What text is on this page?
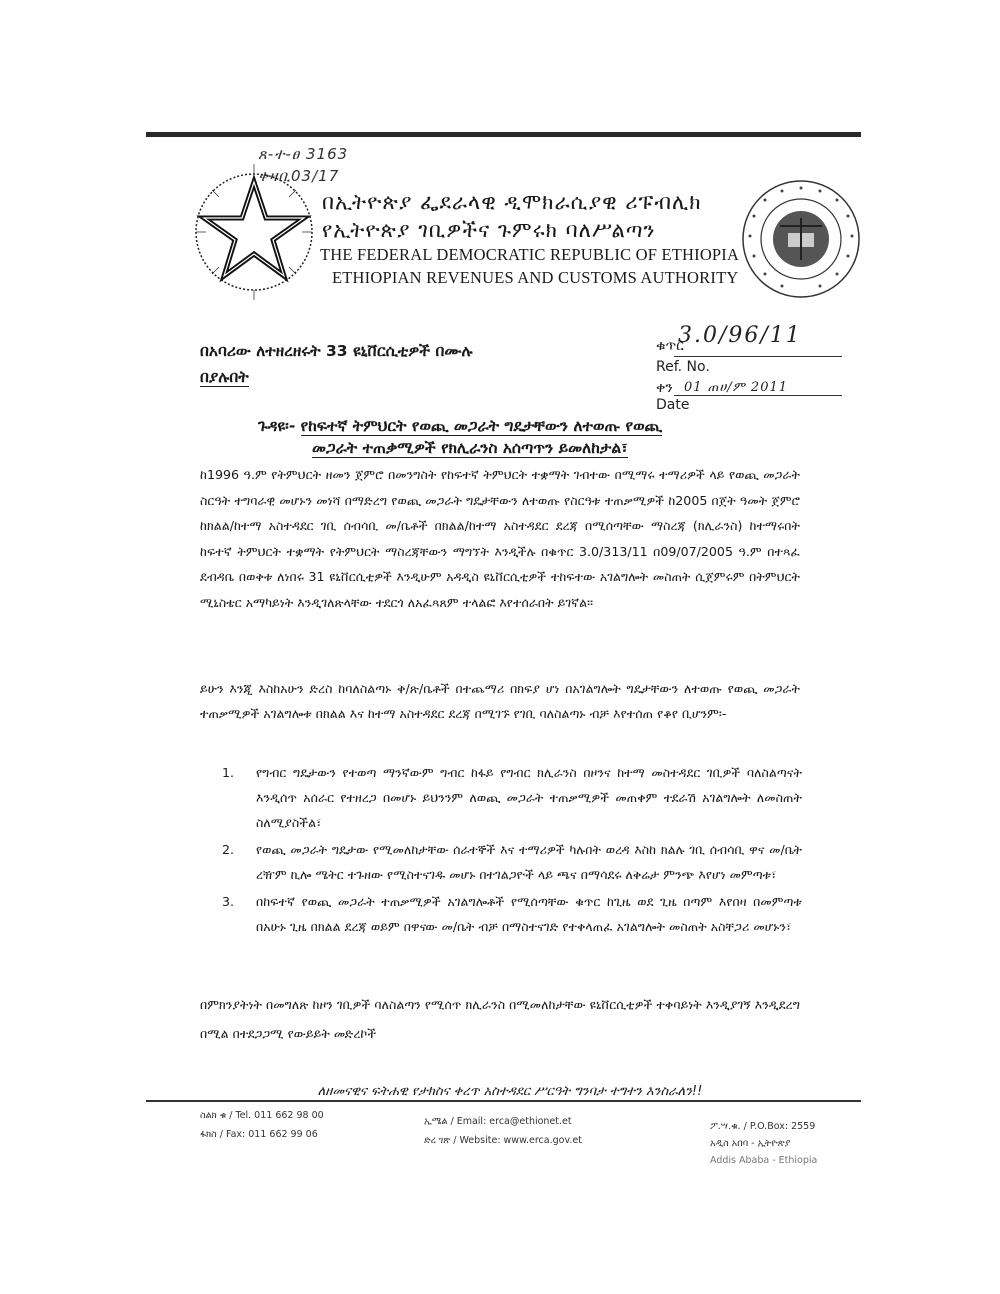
ጸ-ተ-ፀ 3163
ቀዛቢ03/17
በኢትዮጵያ ፌደራላዊ ዲሞክራሲያዊ ሪፑብሊክ
የኢትዮጵያ ገቢዎችና ጉምሩክ ባለሥልጣን
THE FEDERAL DEMOCRATIC REPUBLIC OF ETHIOPIA
ETHIOPIAN REVENUES AND CUSTOMS AUTHORITY
በአባሪው ለተዘረዘሩት 33 ዩኒቨርሲቲዎች በሙሉ
በያሉበት
ቁጥር
3.0/96/11
Ref. No.
ቀን 01 ጠሀ/ም 2011
Date
ጉዳዩ፡- የከፍተኛ ትምህርት የወጪ መጋራት ግዴታቸውን ለተወጡ የወጪ
መጋራት ተጠቃሚዎች የክሊራንስ አሰጣጥን ይመለከታል፣
ከ1996 ዓ.ም የትምህርት ዘመን ጀምሮ በመንግስት የከፍተኛ ትምህርት ተቋማት ገብተው በሚማሩ ተማሪዎች ላይ የወጪ መጋራት ስርዓት ተግባራዊ መሆኑን መነሻ በማድረግ የወጪ መጋራት ግዴታቸውን ለተወጡ የስርዓቱ ተጠቃሚዎች ከ2005 በጀት ዓመት ጀምሮ ከክልል/ከተማ አስተዳደር ገቢ ሰብሳቢ መ/ቤቶች በክልል/ከተማ አስተዳደር ደረጃ በሚሰጣቸው ማስረጃ (ክሊራንስ) ከተማሩበት ከፍተኛ ትምህርት ተቋማት የትምህርት ማስረጃቸውን ማግኘት እንዲችሉ በቁጥር 3.0/313/11 በ09/07/2005 ዓ.ም በተጻፈ ደብዳቤ በወቅቱ ለነበሩ 31 ዩኒቨርሲቲዎች እንዲሁም አዳዲስ ዩኒቨርሲቲዎች ተከፍተው አገልግሎት መስጠት ሲጀምሩም በትምህርት ሚኒስቴር አማካይነት እንዲገለጽላቸው ተደርጎ ለአፈጻጸም ተላልፎ እየተሰራበት ይገኛል፡፡
ይሁን እንጂ እስከአሁን ድረስ ከባለስልጣኑ ቅ/ጽ/ቤቶች በተጨማሪ በክፍያ ሆነ በአገልግሎት ግዴታቸውን ለተወጡ የወጪ መጋራት ተጠቃሚዎች አገልግሎቱ በክልል እና ከተማ አስተዳደር ደረጃ በሚገኙ የገቢ ባለስልጣኑ ብቻ እየተሰጠ የቆየ ቢሆንም፡-
1. የግብር ግዴታውን የተወጣ ማንኛውም ግብር ከፋይ የግብር ክሊራንስ በዞንና ከተማ መስተዳደር ገቢዎች ባለስልጣናት እንዲሰጥ አሰራር የተዘረጋ በመሆኑ ይህንንም ለወጪ መጋራት ተጠቃሚዎች መጠቀም ተደራሽ አገልግሎት ለመስጠት ስለሚያስችል፣
2. የወጪ መጋራት ግዴታው የሚመለከታቸው ሰራተኞች እና ተማሪዎች ካሉበት ወረዳ እስከ ክልሉ ገቢ ሰብሳቢ ዋና መ/ቤት ረዥም ኪሎ ሜትር ተጉዘው የሚስተናገዱ መሆኑ በተገልጋዮች ላይ ጫና በማሳደሩ ለቅሬታ ምንጭ እየሆነ መምጣቱ፣
3. በከፍተኛ የወጪ መጋራት ተጠቃሚዎች አገልግሎቶች የሚሰጣቸው ቁጥር ከጊዜ ወደ ጊዜ በጣም እየበዛ በመምጣቱ በአሁኑ ጊዜ በክልል ደረጃ ወይም በዋናው መ/ቤት ብቻ በማስተናገድ የተቀላጠፈ አገልግሎት መስጠት አስቸጋሪ መሆኑን፣
በምክንያትነት በመግለጽ ከዞን ገቢዎች ባለስልጣን የሚሰጥ ክሊራንስ በሚመለከታቸው ዩኒቨርሲቲዎች ተቀባይነት እንዲያገኝ እንዲደረግ በሚል በተደጋጋሚ የውይይት መድረኮች
ለዘመናዊና ፍትሐዊ የታክስና ቀረጥ አስተዳደር ሥርዓት ግንባታ ተግተን እንስራለን!!
ስልክ ቁ / Tel. 011 662 98 00
ፋክስ / Fax: 011 662 99 06
ኢሜል / Email: erca@ethionet.et
ድረ ገጽ / Website: www.erca.gov.et
ፖ.ሣ.ቁ. / P.O.Box: 2559
አዲስ አበባ - ኢትዮጵያ
Addis Ababa - Ethiopia
